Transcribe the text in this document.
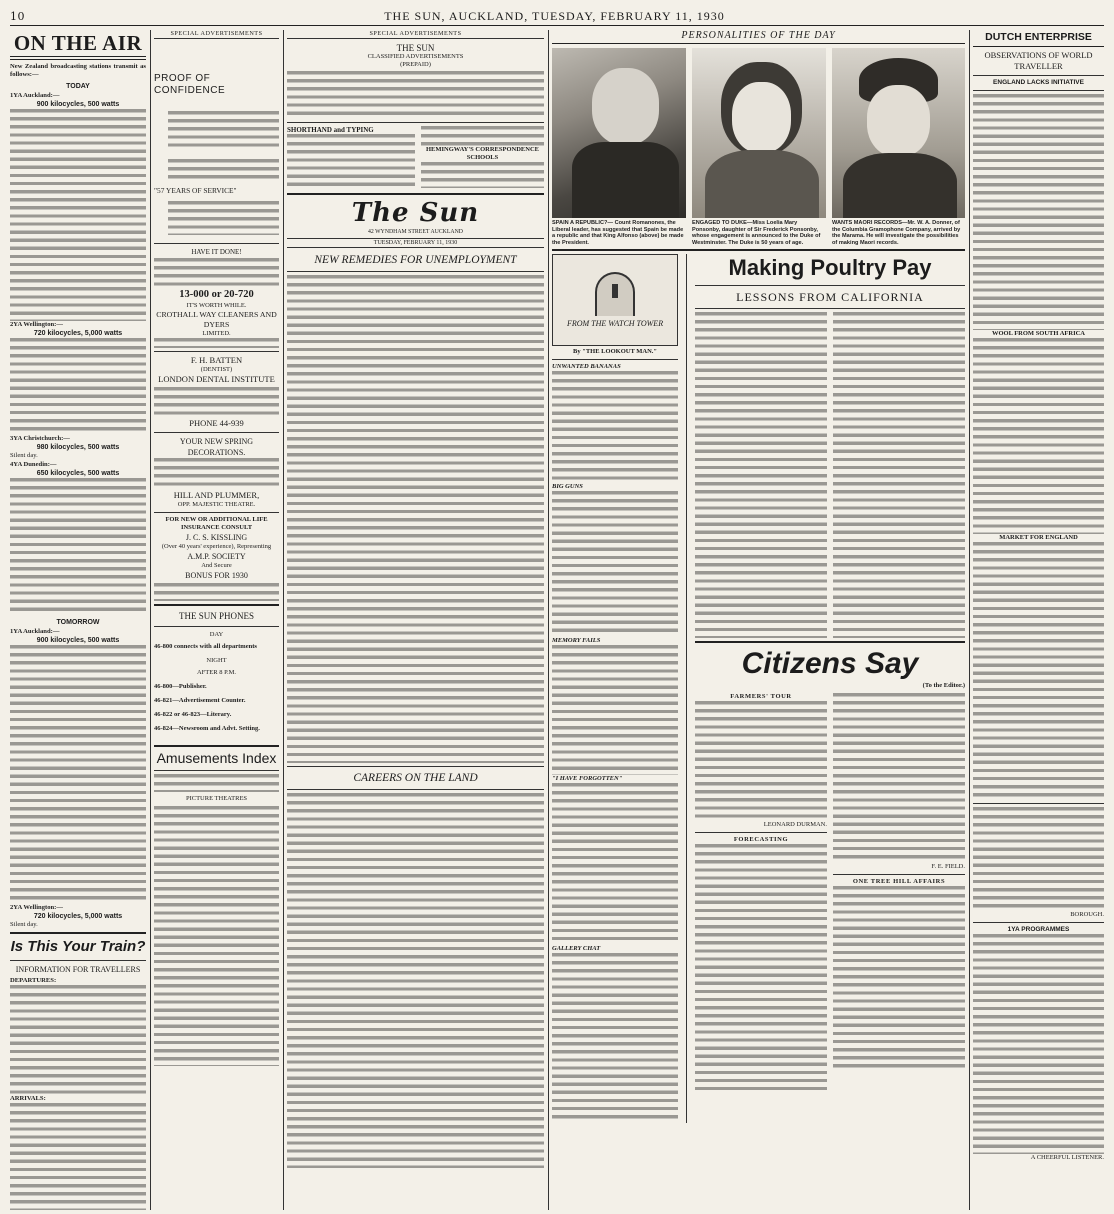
10	THE SUN, AUCKLAND, TUESDAY, FEBRUARY 11, 1930
ON THE AIR
New Zealand broadcasting stations transmit as follows:—
TODAY
1YA Auckland:—
900 kilocycles, 500 watts
2YA Wellington:—
720 kilocycles, 5,000 watts
3YA Christchurch:—
980 kilocycles, 500 watts
Silent day.
4YA Dunedin:—
650 kilocycles, 500 watts
TOMORROW
1YA Auckland:—
900 kilocycles, 500 watts
2YA Wellington:—
720 kilocycles, 5,000 watts
Silent day.
Is This Your Train?
INFORMATION FOR TRAVELLERS
DEPARTURES:
ARRIVALS:
SPECIAL ADVERTISEMENTS
PROOF OF CONFIDENCE
"57 YEARS OF SERVICE"
HAVE IT DONE!
13-000 or 20-720
IT'S WORTH WHILE.
CROTHALL WAY CLEANERS AND DYERS
LIMITED.
F. H. BATTEN
(DENTIST)
LONDON DENTAL INSTITUTE
PHONE 44-939
YOUR NEW SPRING DECORATIONS.
HILL AND PLUMMER,
OPP. MAJESTIC THEATRE.
FOR NEW OR ADDITIONAL LIFE INSURANCE CONSULT
J. C. S. KISSLING
(Over 40 years' experience), Representing
A.M.P. SOCIETY
And Secure
BONUS FOR 1930
THE SUN PHONES
DAY
46-800 connects with all departments
NIGHT
AFTER 8 P.M.
46-800—Publisher.
46-821—Advertisement Counter.
46-822 or 46-823—Literary.
46-824—Newsroom and Advt. Setting.
Amusements Index
PICTURE THEATRES
SPECIAL ADVERTISEMENTS
THE SUN
CLASSIFIED ADVERTISEMENTS
(PREPAID)
SHORTHAND and TYPING
HEMINGWAY'S CORRESPONDENCE SCHOOLS
The Sun
42 WYNDHAM STREET AUCKLAND
TUESDAY, FEBRUARY 11, 1930
NEW REMEDIES FOR UNEMPLOYMENT
CAREERS ON THE LAND
PERSONALITIES OF THE DAY
SPAIN A REPUBLIC?— Count Romanones, the Liberal leader, has suggested that Spain be made a republic and that King Alfonso (above) be made the President.
ENGAGED TO DUKE—Miss Loelia Mary Ponsonby, daughter of Sir Frederick Ponsonby, whose engagement is announced to the Duke of Westminster. The Duke is 50 years of age.
WANTS MAORI RECORDS—Mr. W. A. Donner, of the Columbia Gramophone Company, arrived by the Marama. He will investigate the possibilities of making Maori records.
FROM THE WATCH TOWER
By "THE LOOKOUT MAN."
UNWANTED BANANAS
BIG GUNS
MEMORY FAILS
"I HAVE FORGOTTEN"
GALLERY CHAT
Making Poultry Pay
LESSONS FROM CALIFORNIA
Citizens Say
(To the Editor.)
FARMERS' TOUR
LEONARD DURMAN.
FORECASTING
F. E. FIELD.
ONE TREE HILL AFFAIRS
DUTCH ENTERPRISE
OBSERVATIONS OF WORLD TRAVELLER
ENGLAND LACKS INITIATIVE
WOOL FROM SOUTH AFRICA
MARKET FOR ENGLAND
BOROUGH.
1YA PROGRAMMES
A CHEERFUL LISTENER.
